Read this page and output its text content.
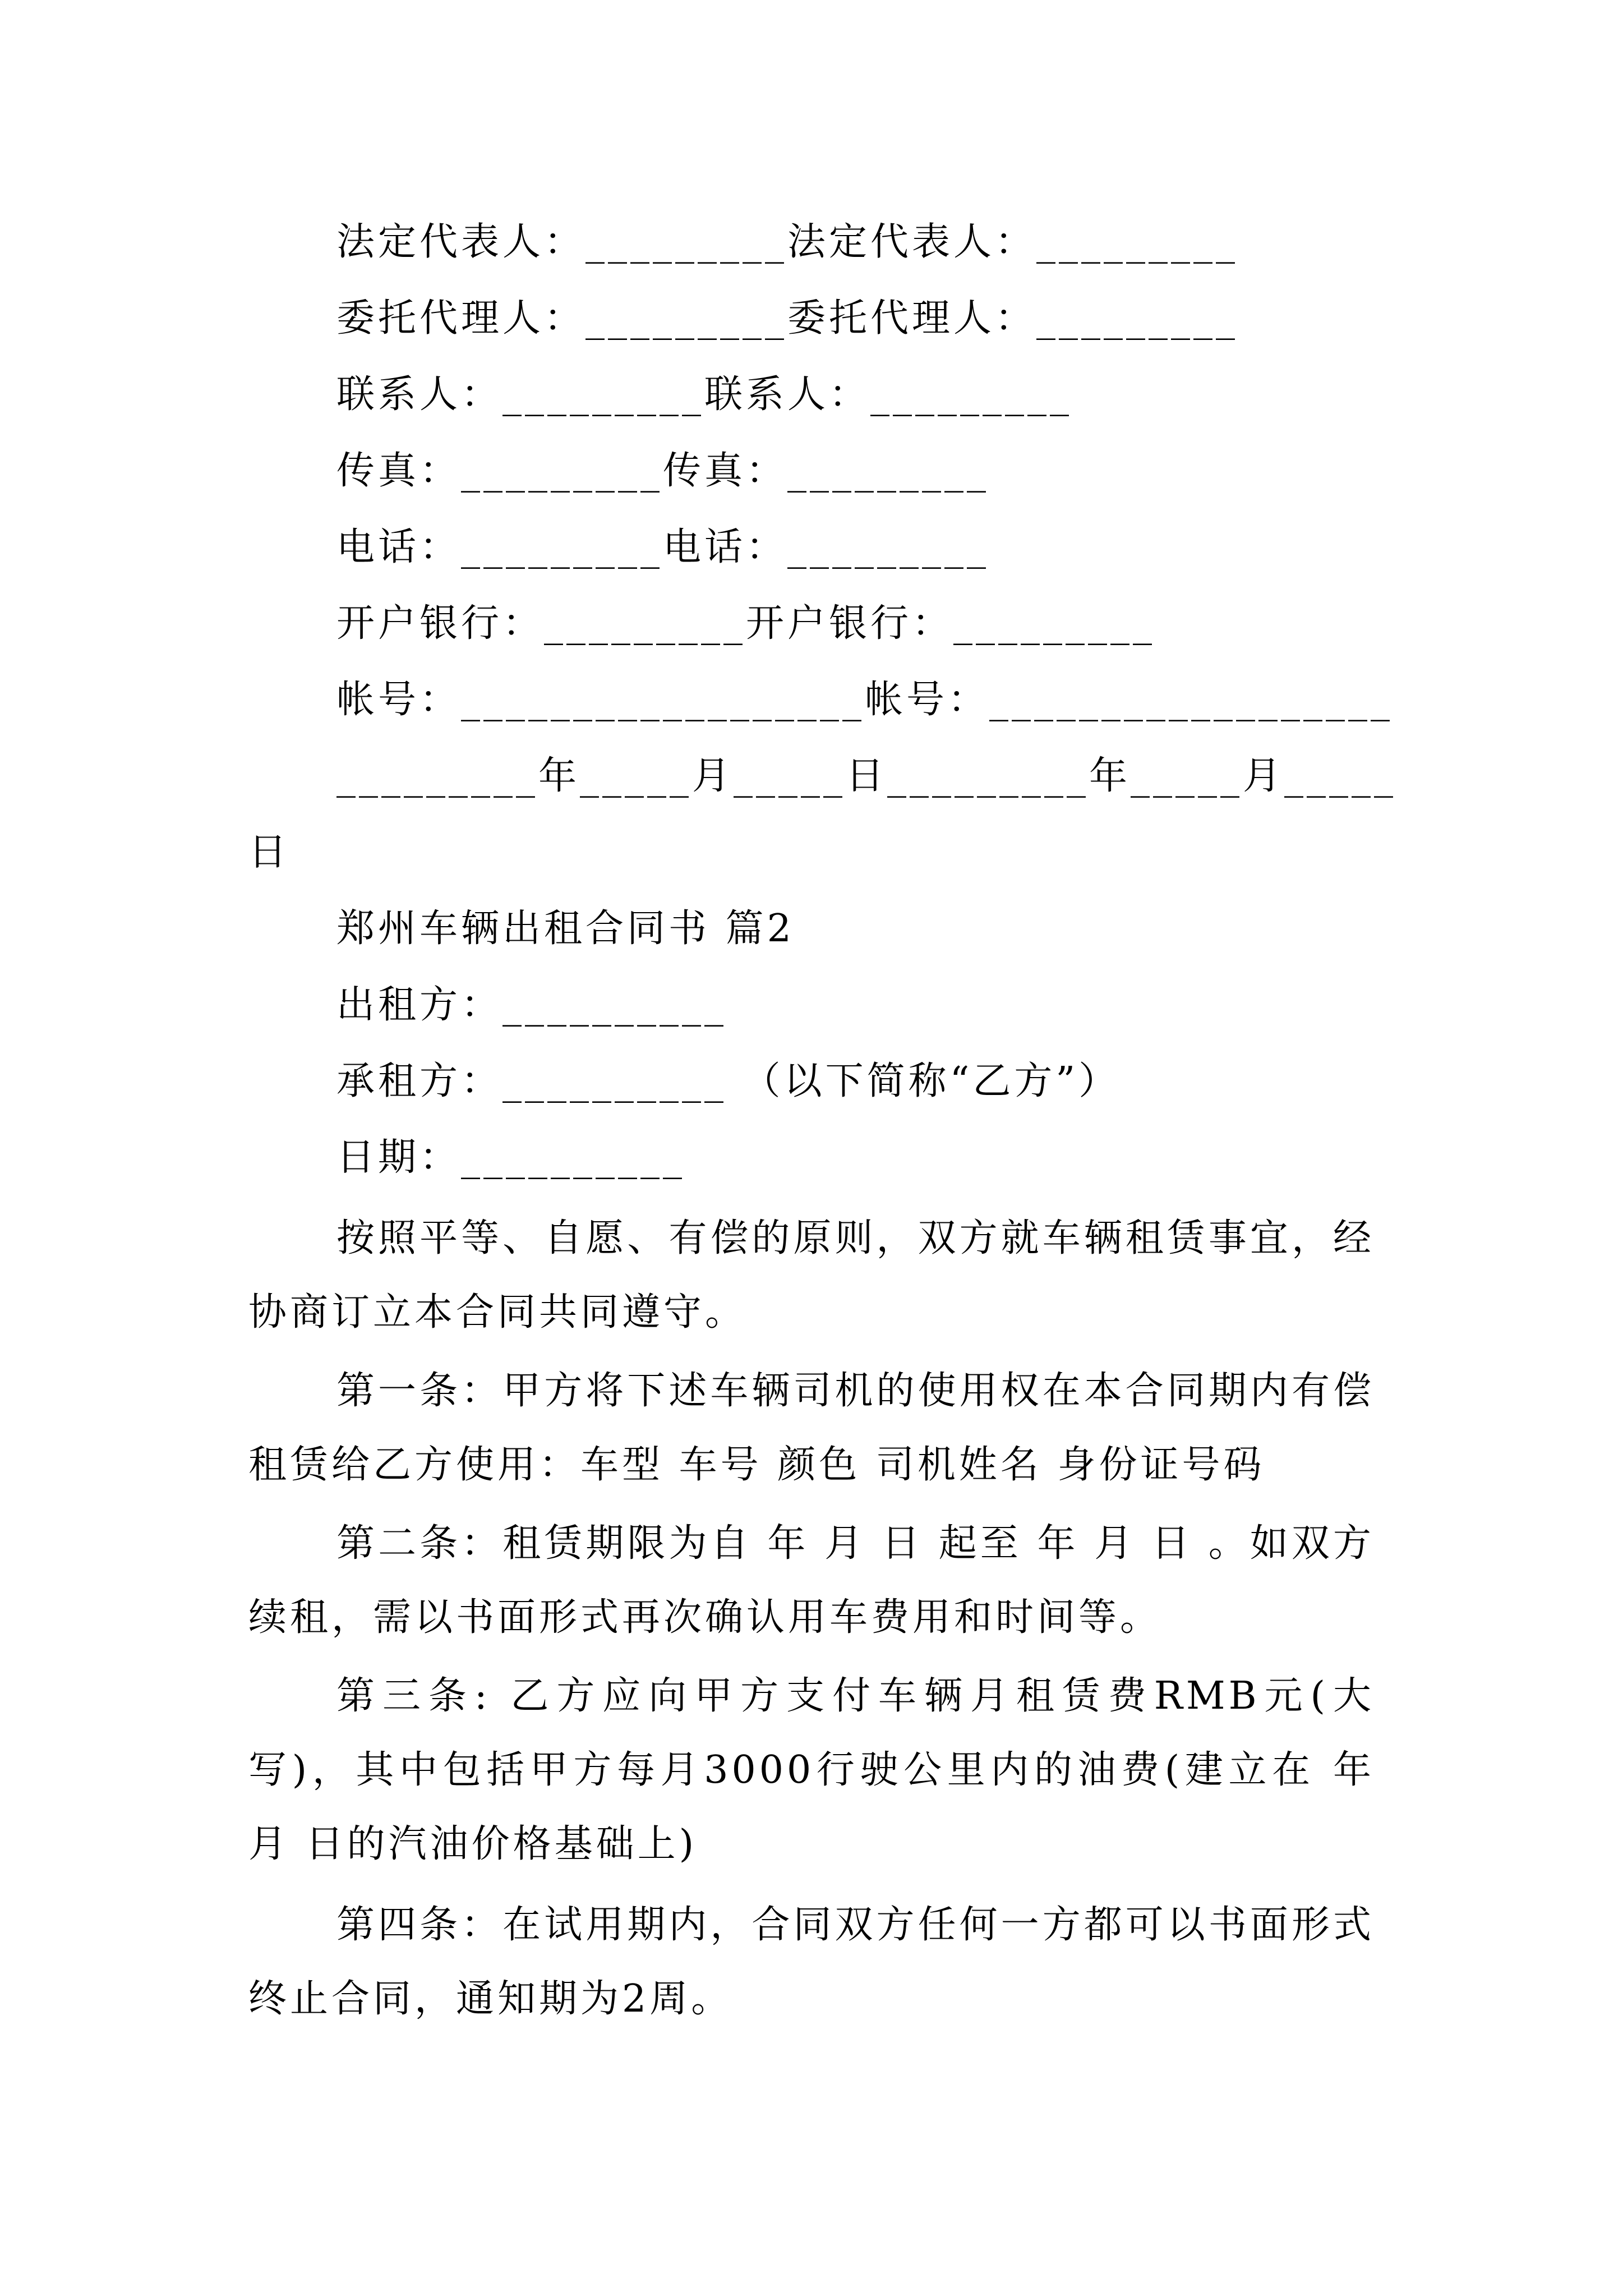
法定代表人：_________法定代表人：_________
委托代理人：_________委托代理人：_________
联系人：_________联系人：_________
传真：_________传真：_________
电话：_________电话：_________
开户银行：_________开户银行：_________
帐号：__________________帐号：__________________
_________年_____月_____日_________年_____月_____
日
郑州车辆出租合同书 篇2
出租方：__________
承租方：__________ （以下简称“乙方”）
日期：__________
按照平等、自愿、有偿的原则，双方就车辆租赁事宜，经协商订立本合同共同遵守。
第一条：甲方将下述车辆司机的使用权在本合同期内有偿租赁给乙方使用：车型 车号 颜色 司机姓名 身份证号码
第二条：租赁期限为自 年 月 日 起至 年 月 日 。如双方续租，需以书面形式再次确认用车费用和时间等。
第三条: 乙方应向甲方支付车辆月租赁费RMB元(大写)，其中包括甲方每月3000行驶公里内的油费(建立在 年 月 日的汽油价格基础上)
第四条：在试用期内，合同双方任何一方都可以书面形式终止合同，通知期为2周。
